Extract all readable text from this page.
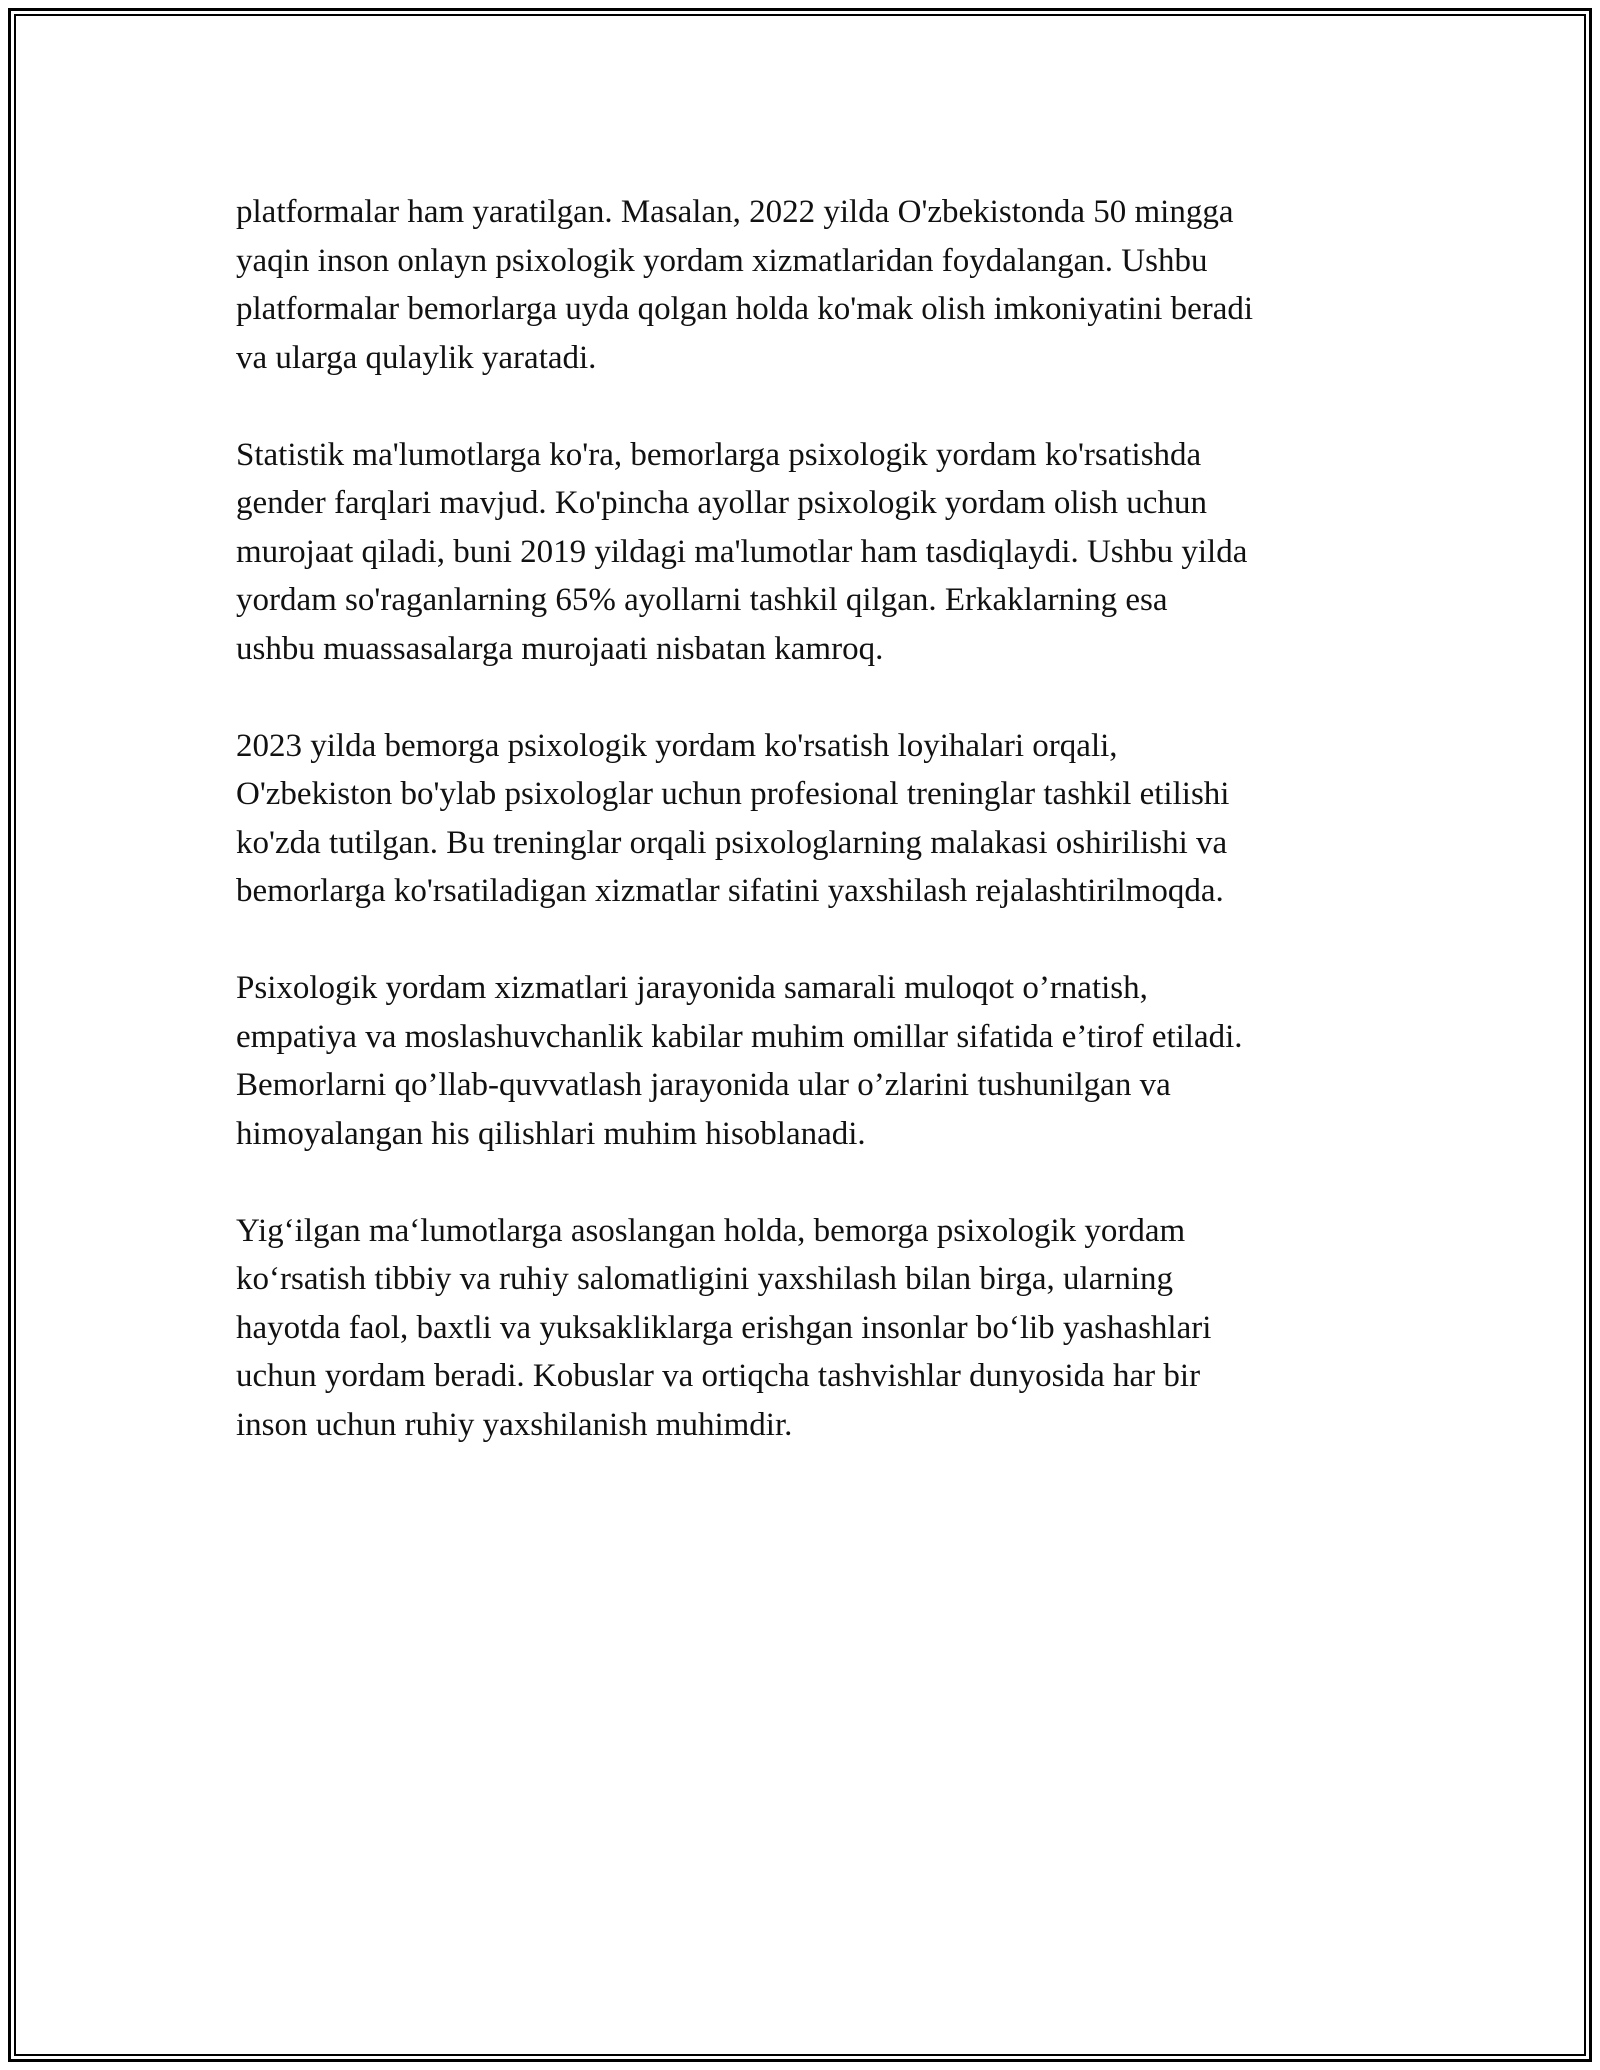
platformalar ham yaratilgan. Masalan, 2022 yilda O'zbekistonda 50 mingga
yaqin inson onlayn psixologik yordam xizmatlaridan foydalangan. Ushbu
platformalar bemorlarga uyda qolgan holda ko'mak olish imkoniyatini beradi
va ularga qulaylik yaratadi.

Statistik ma'lumotlarga ko'ra, bemorlarga psixologik yordam ko'rsatishda
gender farqlari mavjud. Ko'pincha ayollar psixologik yordam olish uchun
murojaat qiladi, buni 2019 yildagi ma'lumotlar ham tasdiqlaydi. Ushbu yilda
yordam so'raganlarning 65% ayollarni tashkil qilgan. Erkaklarning esa
ushbu muassasalarga murojaati nisbatan kamroq.

2023 yilda bemorga psixologik yordam ko'rsatish loyihalari orqali,
O'zbekiston bo'ylab psixologlar uchun profesional treninglar tashkil etilishi
ko'zda tutilgan. Bu treninglar orqali psixologlarning malakasi oshirilishi va
bemorlarga ko'rsatiladigan xizmatlar sifatini yaxshilash rejalashtirilmoqda.

Psixologik yordam xizmatlari jarayonida samarali muloqot o’rnatish,
empatiya va moslashuvchanlik kabilar muhim omillar sifatida e’tirof etiladi.
Bemorlarni qo’llab-quvvatlash jarayonida ular o’zlarini tushunilgan va
himoyalangan his qilishlari muhim hisoblanadi.

Yig‘ilgan ma‘lumotlarga asoslangan holda, bemorga psixologik yordam
ko‘rsatish tibbiy va ruhiy salomatligini yaxshilash bilan birga, ularning
hayotda faol, baxtli va yuksakliklarga erishgan insonlar bo‘lib yashashlari
uchun yordam beradi. Kobuslar va ortiqcha tashvishlar dunyosida har bir
inson uchun ruhiy yaxshilanish muhimdir.
